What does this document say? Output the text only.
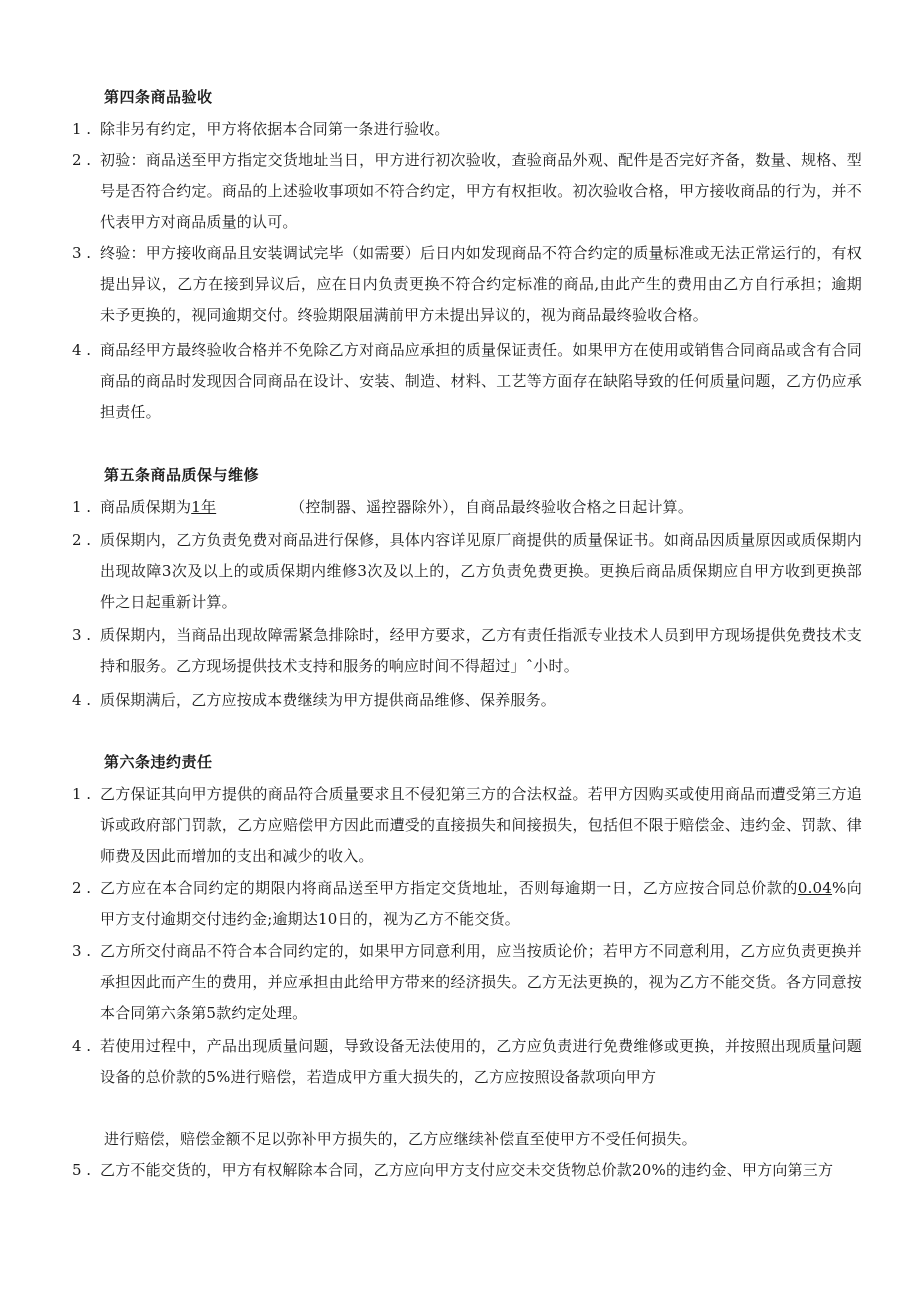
第四条商品验收
1 . 除非另有约定，甲方将依据本合同第一条进行验收。
2 . 初验：商品送至甲方指定交货地址当日，甲方进行初次验收，查验商品外观、配件是否完好齐备，数量、规格、型号是否符合约定。商品的上述验收事项如不符合约定，甲方有权拒收。初次验收合格，甲方接收商品的行为，并不代表甲方对商品质量的认可。
3 . 终验：甲方接收商品且安装调试完毕（如需要）后日内如发现商品不符合约定的质量标准或无法正常运行的，有权提出异议，乙方在接到异议后，应在日内负责更换不符合约定标准的商品,由此产生的费用由乙方自行承担；逾期未予更换的，视同逾期交付。终验期限届满前甲方未提出异议的，视为商品最终验收合格。
4 . 商品经甲方最终验收合格并不免除乙方对商品应承担的质量保证责任。如果甲方在使用或销售合同商品或含有合同商品的商品时发现因合同商品在设计、安装、制造、材料、工艺等方面存在缺陷导致的任何质量问题，乙方仍应承担责任。
第五条商品质保与维修
1 . 商品质保期为1年	（控制器、遥控器除外），自商品最终验收合格之日起计算。
2 . 质保期内，乙方负责免费对商品进行保修，具体内容详见原厂商提供的质量保证书。如商品因质量原因或质保期内出现故障3次及以上的或质保期内维修3次及以上的，乙方负责免费更换。更换后商品质保期应自甲方收到更换部件之日起重新计算。
3 . 质保期内，当商品出现故障需紧急排除时，经甲方要求，乙方有责任指派专业技术人员到甲方现场提供免费技术支持和服务。乙方现场提供技术支持和服务的响应时间不得超过」ˆ小时。
4 . 质保期满后，乙方应按成本费继续为甲方提供商品维修、保养服务。
第六条违约责任
1 . 乙方保证其向甲方提供的商品符合质量要求且不侵犯第三方的合法权益。若甲方因购买或使用商品而遭受第三方追诉或政府部门罚款，乙方应赔偿甲方因此而遭受的直接损失和间接损失，包括但不限于赔偿金、违约金、罚款、律师费及因此而增加的支出和减少的收入。
2 . 乙方应在本合同约定的期限内将商品送至甲方指定交货地址，否则每逾期一日，乙方应按合同总价款的0.04%向甲方支付逾期交付违约金;逾期达10日的，视为乙方不能交货。
3 . 乙方所交付商品不符合本合同约定的，如果甲方同意利用，应当按质论价；若甲方不同意利用，乙方应负责更换并承担因此而产生的费用，并应承担由此给甲方带来的经济损失。乙方无法更换的，视为乙方不能交货。各方同意按本合同第六条第5款约定处理。
4 . 若使用过程中，产品出现质量问题，导致设备无法使用的，乙方应负责进行免费维修或更换，并按照出现质量问题设备的总价款的5%进行赔偿，若造成甲方重大损失的，乙方应按照设备款项向甲方
进行赔偿，赔偿金额不足以弥补甲方损失的，乙方应继续补偿直至使甲方不受任何损失。
5 . 乙方不能交货的，甲方有权解除本合同，乙方应向甲方支付应交未交货物总价款20%的违约金、甲方向第三方
